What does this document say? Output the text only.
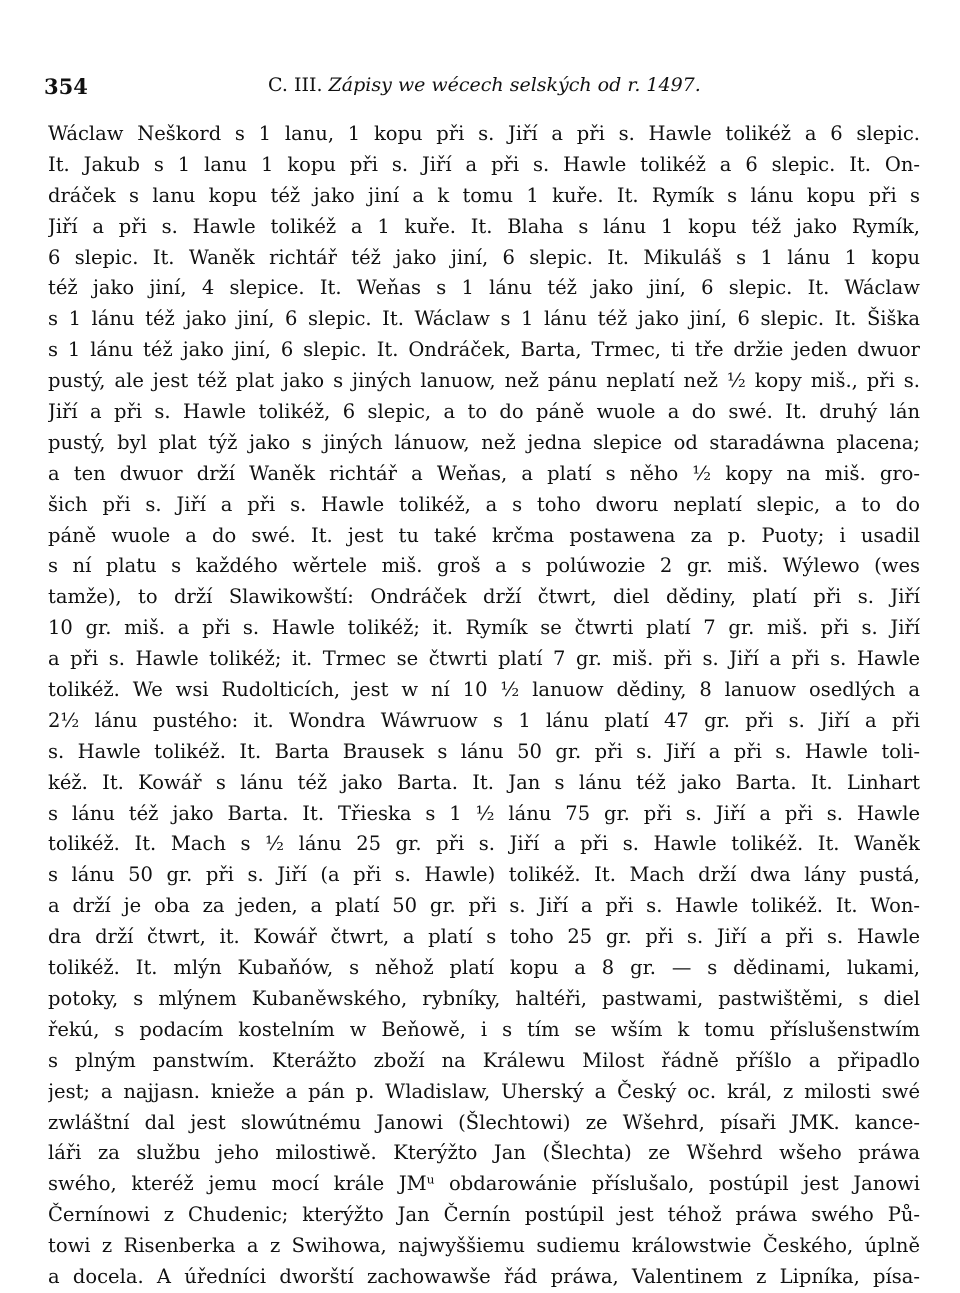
354	C. III. Zápisy we wécech selských od r. 1497.
Wáclaw Neškord s 1 lanu, 1 kopu při s. Jiří a při s. Hawle tolikéž a 6 slepic.
It. Jakub s 1 lanu 1 kopu při s. Jiří a při s. Hawle tolikéž a 6 slepic. It. On-
dráček s lanu kopu též jako jiní a k tomu 1 kuře. It. Rymík s lánu kopu při s
Jiří a při s. Hawle tolikéž a 1 kuře. It. Blaha s lánu 1 kopu též jako Rymík,
6 slepic. It. Waněk richtář též jako jiní, 6 slepic. It. Mikuláš s 1 lánu 1 kopu
též jako jiní, 4 slepice. It. Weňas s 1 lánu též jako jiní, 6 slepic. It. Wáclaw
s 1 lánu též jako jiní, 6 slepic. It. Wáclaw s 1 lánu též jako jiní, 6 slepic. It. Šiška
s 1 lánu též jako jiní, 6 slepic. It. Ondráček, Barta, Trmec, ti tře držie jeden dwuor
pustý, ale jest též plat jako s jiných lanuow, než pánu neplatí než ½ kopy miš., při s.
Jiří a při s. Hawle tolikéž, 6 slepic, a to do páně wuole a do swé. It. druhý lán
pustý, byl plat týž jako s jiných lánuow, než jedna slepice od staradáwna placena;
a ten dwuor drží Waněk richtář a Weňas, a platí s něho ½ kopy na miš. gro-
šich při s. Jiří a při s. Hawle tolikéž, a s toho dworu neplatí slepic, a to do
páně wuole a do swé. It. jest tu také krčma postawena za p. Puoty; i usadil
s ní platu s každého wěrtele miš. groš a s polúwozie 2 gr. miš. Wýlewo (wes
tamže), to drží Slawikowští: Ondráček drží čtwrt, diel dědiny, platí při s. Jiří
10 gr. miš. a při s. Hawle tolikéž; it. Rymík se čtwrti platí 7 gr. miš. při s. Jiří
a při s. Hawle tolikéž; it. Trmec se čtwrti platí 7 gr. miš. při s. Jiří a při s. Hawle
tolikéž. We wsi Rudolticích, jest w ní 10 ½ lanuow dědiny, 8 lanuow osedlých a
2½ lánu pustého: it. Wondra Wáwruow s 1 lánu platí 47 gr. při s. Jiří a při
s. Hawle tolikéž. It. Barta Brausek s lánu 50 gr. při s. Jiří a při s. Hawle toli-
kéž. It. Kowář s lánu též jako Barta. It. Jan s lánu též jako Barta. It. Linhart
s lánu též jako Barta. It. Třieska s 1 ½ lánu 75 gr. při s. Jiří a při s. Hawle
tolikéž. It. Mach s ½ lánu 25 gr. při s. Jiří a při s. Hawle tolikéž. It. Waněk
s lánu 50 gr. při s. Jiří (a při s. Hawle) tolikéž. It. Mach drží dwa lány pustá,
a drží je oba za jeden, a platí 50 gr. při s. Jiří a při s. Hawle tolikéž. It. Won-
dra drží čtwrt, it. Kowář čtwrt, a platí s toho 25 gr. při s. Jiří a při s. Hawle
tolikéž. It. mlýn Kubaňów, s něhož platí kopu a 8 gr. — s dědinami, lukami,
potoky, s mlýnem Kubaněwského, rybníky, haltéři, pastwami, pastwištěmi, s diel
řekú, s podacím kostelním w Beňowě, i s tím se wším k tomu příslušenstwím
s plným panstwím. Kterážto zboží na Králewu Milost řádně příšlo a připadlo
jest; a najjasn. knieže a pán p. Wladislaw, Uherský a Český oc. král, z milosti swé
zwláštní dal jest slowútnému Janowi (Šlechtowi) ze Wšehrd, písaři JMK. kance-
láři za službu jeho milostiwě. Kterýžto Jan (Šlechta) ze Wšehrd wšeho práwa
swého, kteréž jemu mocí krále JMᵘ obdarowánie příslušalo, postúpil jest Janowi
Černínowi z Chudenic; kterýžto Jan Černín postúpil jest téhož práwa swého Pů-
towi z Risenberka a z Swihowa, najwyššiemu sudiemu králowstwie Českého, úplně
a docela. A úředníci dworští zachowawše řád práwa, Valentinem z Lipníka, písa-
